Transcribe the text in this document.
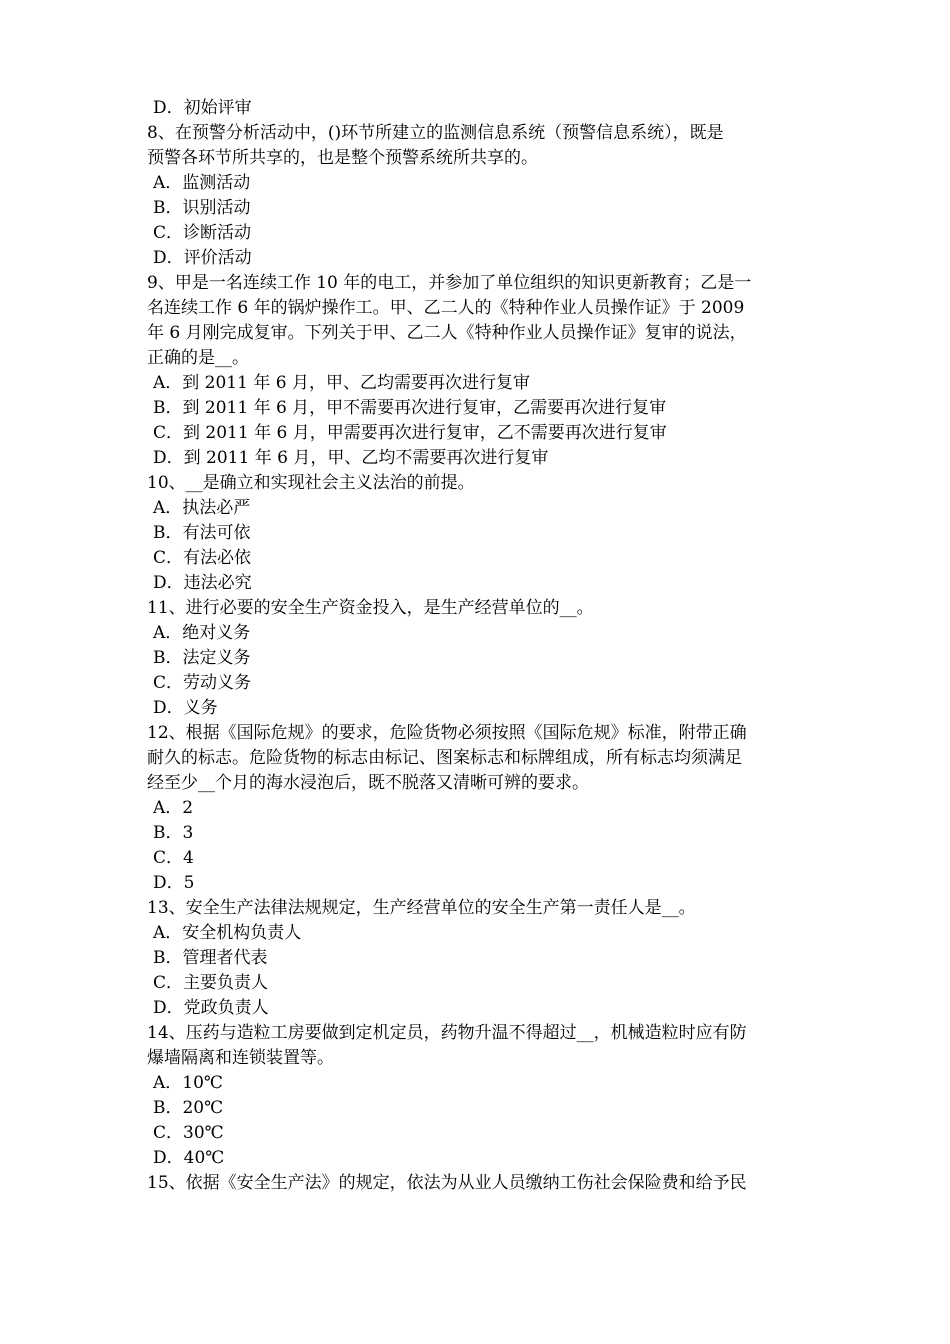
D．初始评审
8、在预警分析活动中，()环节所建立的监测信息系统（预警信息系统），既是
预警各环节所共享的，也是整个预警系统所共享的。
A．监测活动
B．识别活动
C．诊断活动
D．评价活动
9、甲是一名连续工作 10 年的电工，并参加了单位组织的知识更新教育；乙是一
名连续工作 6 年的锅炉操作工。甲、乙二人的《特种作业人员操作证》于 2009
年 6 月刚完成复审。下列关于甲、乙二人《特种作业人员操作证》复审的说法，
正确的是__。
A．到 2011 年 6 月，甲、乙均需要再次进行复审
B．到 2011 年 6 月，甲不需要再次进行复审，乙需要再次进行复审
C．到 2011 年 6 月，甲需要再次进行复审，乙不需要再次进行复审
D．到 2011 年 6 月，甲、乙均不需要再次进行复审
10、__是确立和实现社会主义法治的前提。
A．执法必严
B．有法可依
C．有法必依
D．违法必究
11、进行必要的安全生产资金投入，是生产经营单位的__。
A．绝对义务
B．法定义务
C．劳动义务
D．义务
12、根据《国际危规》的要求，危险货物必须按照《国际危规》标准，附带正确
耐久的标志。危险货物的标志由标记、图案标志和标牌组成，所有标志均须满足
经至少__个月的海水浸泡后，既不脱落又清晰可辨的要求。
A．2
B．3
C．4
D．5
13、安全生产法律法规规定，生产经营单位的安全生产第一责任人是__。
A．安全机构负责人
B．管理者代表
C．主要负责人
D．党政负责人
14、压药与造粒工房要做到定机定员，药物升温不得超过__，机械造粒时应有防
爆墙隔离和连锁装置等。
A．10℃
B．20℃
C．30℃
D．40℃
15、依据《安全生产法》的规定，依法为从业人员缴纳工伤社会保险费和给予民
